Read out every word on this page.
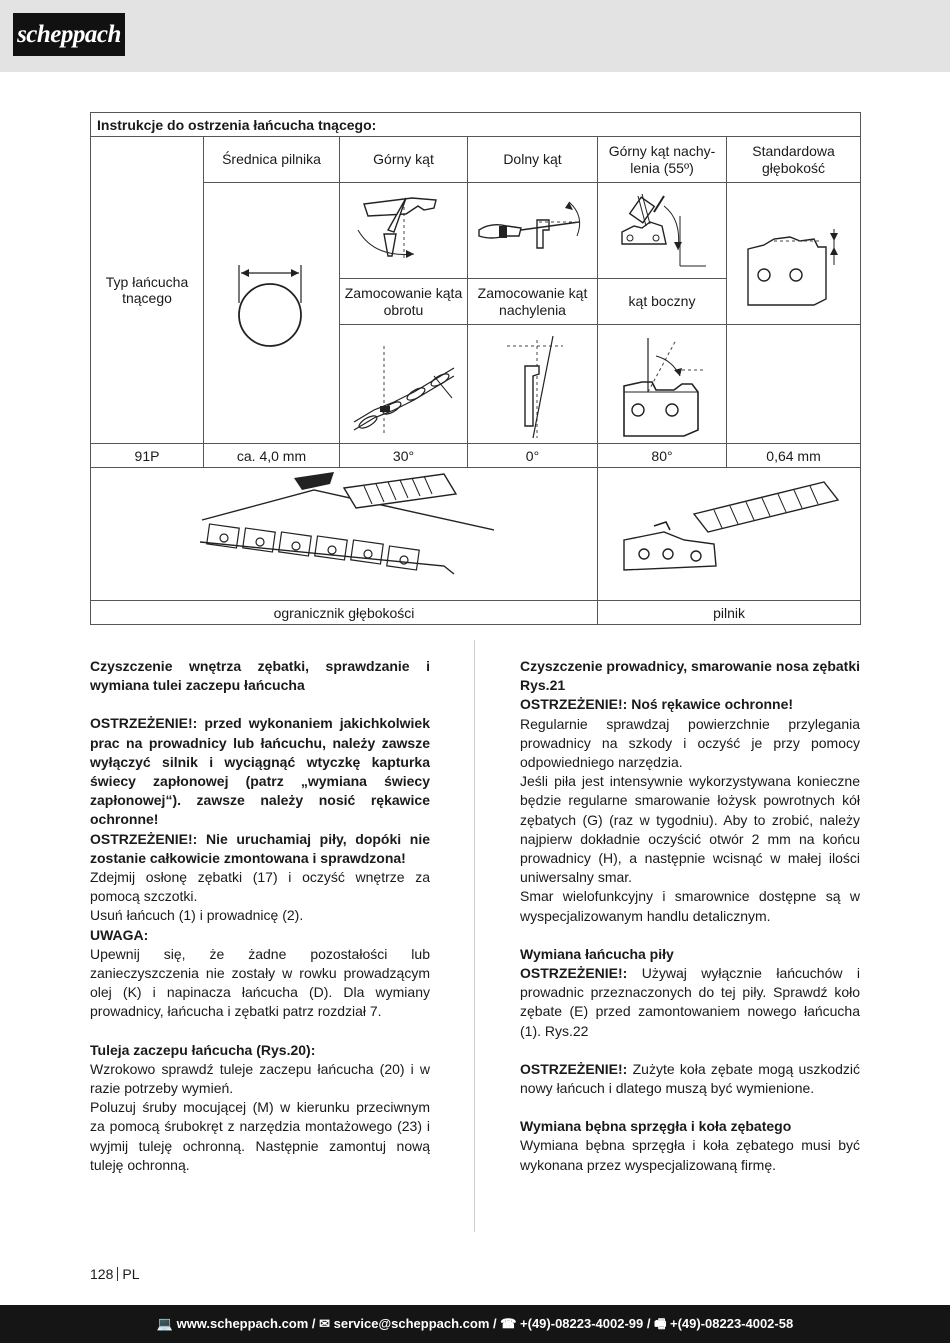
scheppach
Instrukcje do ostrzenia łańcucha tnącego:					
Typ łańcucha tnącego	Średnica pilnika	Górny kąt	Dolny kąt	Górny kąt nachy-lenia (55º)	Standardowa głębokość

		Zamocowanie kąta obrotu	Zamocowanie kąt nachylenia	kąt boczny	

91P	ca. 4,0 mm	30°	0°	80°	0,64 mm

ogranicznik głębokości				pilnik	

Czyszczenie wnętrza zębatki, sprawdzanie i wymiana tulei zaczepu łańcucha

OSTRZEŻENIE!: przed wykonaniem jakichkolwiek prac na prowadnicy lub łańcuchu, należy zawsze wyłączyć silnik i wyciągnąć wtyczkę kapturka świecy zapłonowej (patrz „wymiana świecy zapłonowej“). zawsze należy nosić rękawice ochronne!

OSTRZEŻENIE!: Nie uruchamiaj piły, dopóki nie zostanie całkowicie zmontowana i sprawdzona!

Zdejmij osłonę zębatki (17) i oczyść wnętrze za pomocą szczotki.

Usuń łańcuch (1) i prowadnicę (2).

UWAGA:

Upewnij się, że żadne pozostałości lub zanieczyszczenia nie zostały w rowku prowadzącym olej (K) i napinacza łańcucha (D). Dla wymiany prowadnicy, łańcucha i zębatki patrz rozdział 7.

Tuleja zaczepu łańcucha (Rys.20):

Wzrokowo sprawdź tuleje zaczepu łańcucha (20) i w razie potrzeby wymień.

Poluzuj śruby mocującej (M) w kierunku przeciwnym za pomocą śrubokręt z narzędzia montażowego (23) i wyjmij tuleję ochronną. Następnie zamontuj nową tuleję ochronną.

Czyszczenie prowadnicy, smarowanie nosa zębatki Rys.21

OSTRZEŻENIE!: Noś rękawice ochronne!

Regularnie sprawdzaj powierzchnie przylegania prowadnicy na szkody i oczyść je przy pomocy odpowiedniego narzędzia.

Jeśli piła jest intensywnie wykorzystywana konieczne będzie regularne smarowanie łożysk powrotnych kół zębatych (G) (raz w tygodniu). Aby to zrobić, należy najpierw dokładnie oczyścić otwór 2 mm na końcu prowadnicy (H), a następnie wcisnąć w małej ilości uniwersalny smar.

Smar wielofunkcyjny i smarownice dostępne są w wyspecjalizowanym handlu detalicznym.

Wymiana łańcucha piły

OSTRZEŻENIE!: Używaj wyłącznie łańcuchów i prowadnic przeznaczonych do tej piły. Sprawdź koło zębate (E) przed zamontowaniem nowego łańcucha (1). Rys.22

OSTRZEŻENIE!: Zużyte koła zębate mogą uszkodzić nowy łańcuch i dlatego muszą być wymienione.

Wymiana bębna sprzęgła i koła zębatego

Wymiana bębna sprzęgła i koła zębatego musi być wykonana przez wyspecjalizowaną firmę.

128 PL
💻 www.scheppach.com / ✉ service@scheppach.com / ☎ +(49)-08223-4002-99 / 🖷 +(49)-08223-4002-58
